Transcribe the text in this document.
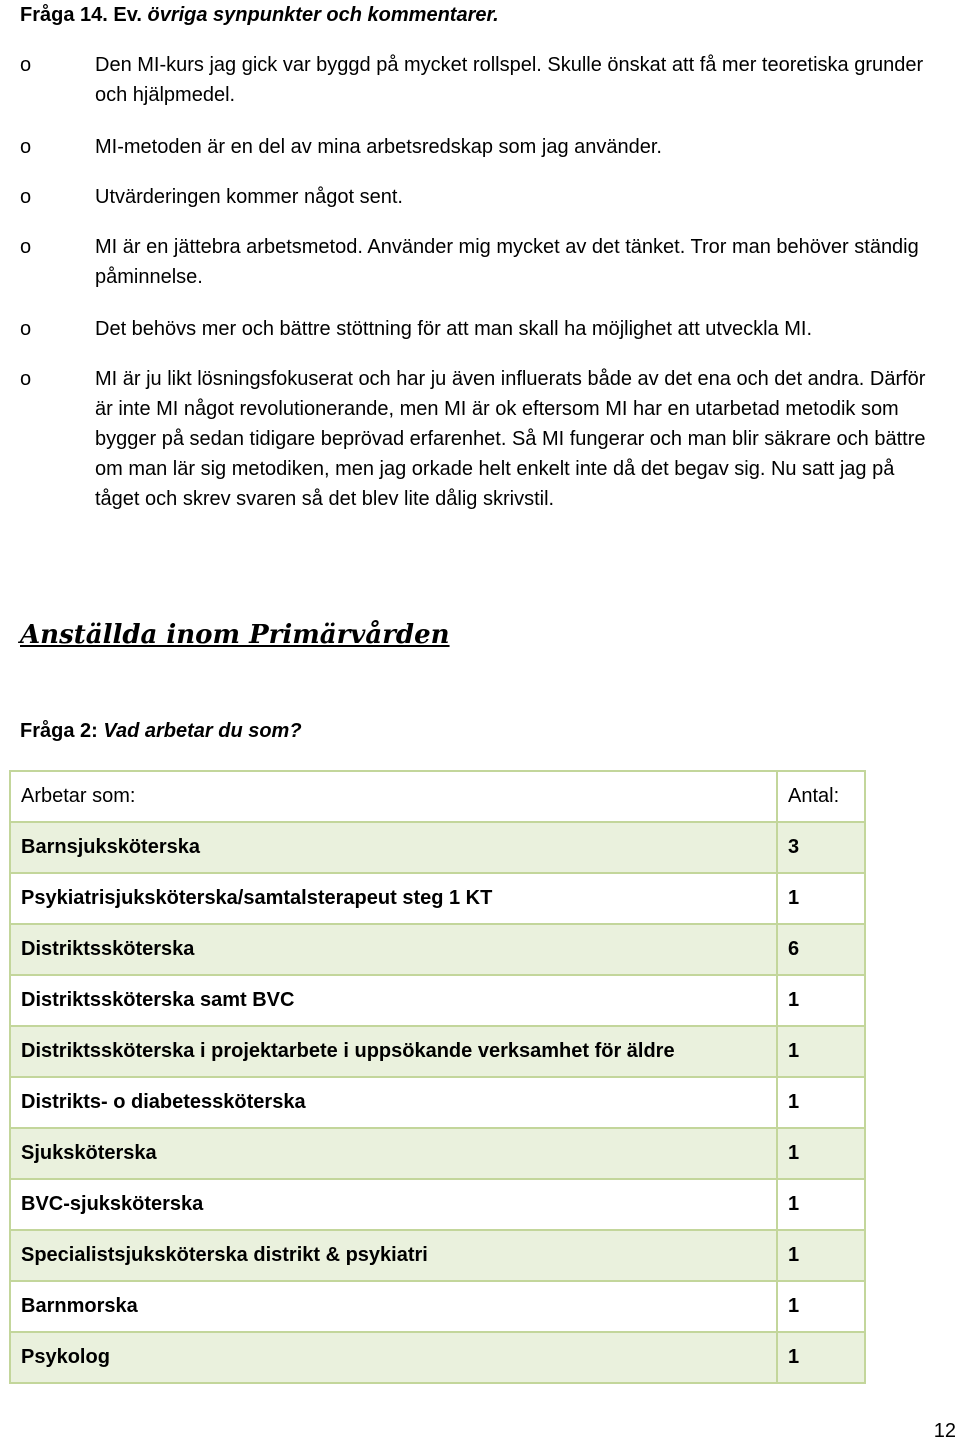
Fråga 14. Ev. övriga synpunkter och kommentarer.
o	Den MI-kurs jag gick var byggd på mycket rollspel. Skulle önskat att få mer teoretiska grunder och hjälpmedel.
o	MI-metoden är en del av mina arbetsredskap som jag använder.
o	Utvärderingen kommer något sent.
o	MI är en jättebra arbetsmetod. Använder mig mycket av det tänket. Tror man behöver ständig påminnelse.
o	Det behövs mer och bättre stöttning för att man skall ha möjlighet att utveckla MI.
o	MI är ju likt lösningsfokuserat och har ju även influerats både av det ena och det andra. Därför är inte MI något revolutionerande, men MI är ok eftersom MI har en utarbetad metodik som bygger på sedan tidigare beprövad erfarenhet. Så MI fungerar och man blir säkrare och bättre om man lär sig metodiken, men jag orkade helt enkelt inte då det begav sig. Nu satt jag på tåget och skrev svaren så det blev lite dålig skrivstil.
Anställda inom Primärvården
Fråga 2: Vad arbetar du som?
Arbetar som:	Antal:
Barnsjuksköterska	3
Psykiatrisjuksköterska/samtalsterapeut steg 1 KT	1
Distriktssköterska	6
Distriktssköterska samt BVC	1
Distriktssköterska i projektarbete i uppsökande verksamhet för äldre	1
Distrikts- o diabetessköterska	1
Sjuksköterska	1
BVC-sjuksköterska	1
Specialistsjuksköterska distrikt & psykiatri	1
Barnmorska	1
Psykolog	1
12
